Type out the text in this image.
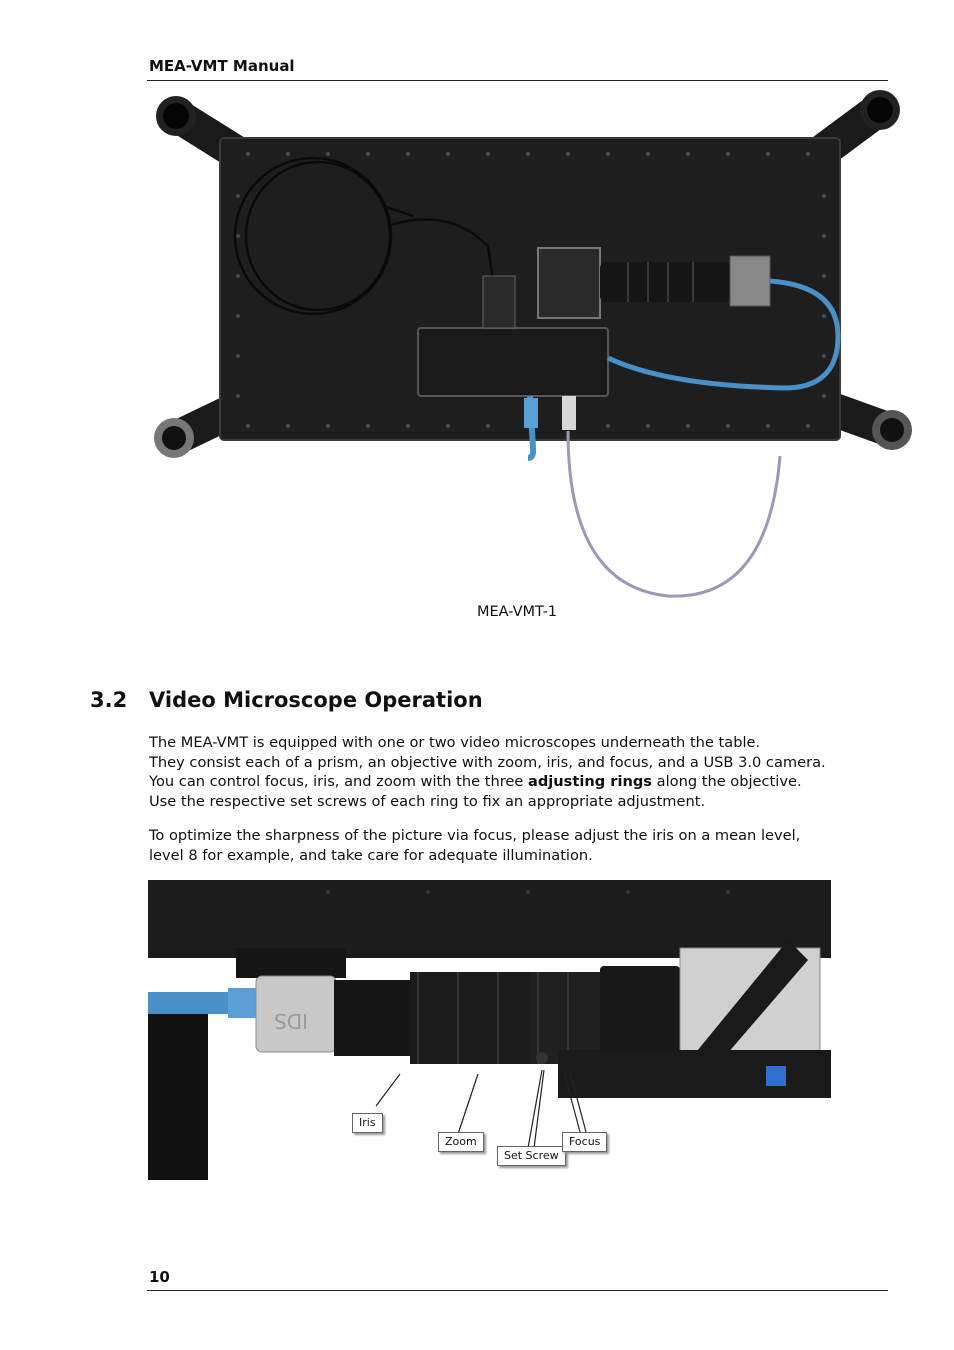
MEA-VMT Manual
MEA-VMT-1
3.2 Video Microscope Operation
The MEA-VMT is equipped with one or two video microscopes underneath the table.
They consist each of a prism, an objective with zoom, iris, and focus, and a USB 3.0 camera.
You can control focus, iris, and zoom with the three adjusting rings along the objective.
Use the respective set screws of each ring to fix an appropriate adjustment.
To optimize the sharpness of the picture via focus, please adjust the iris on a mean level,
level 8 for example, and take care for adequate illumination.
IDS
Iris
Zoom
Set Screw
Focus
10
